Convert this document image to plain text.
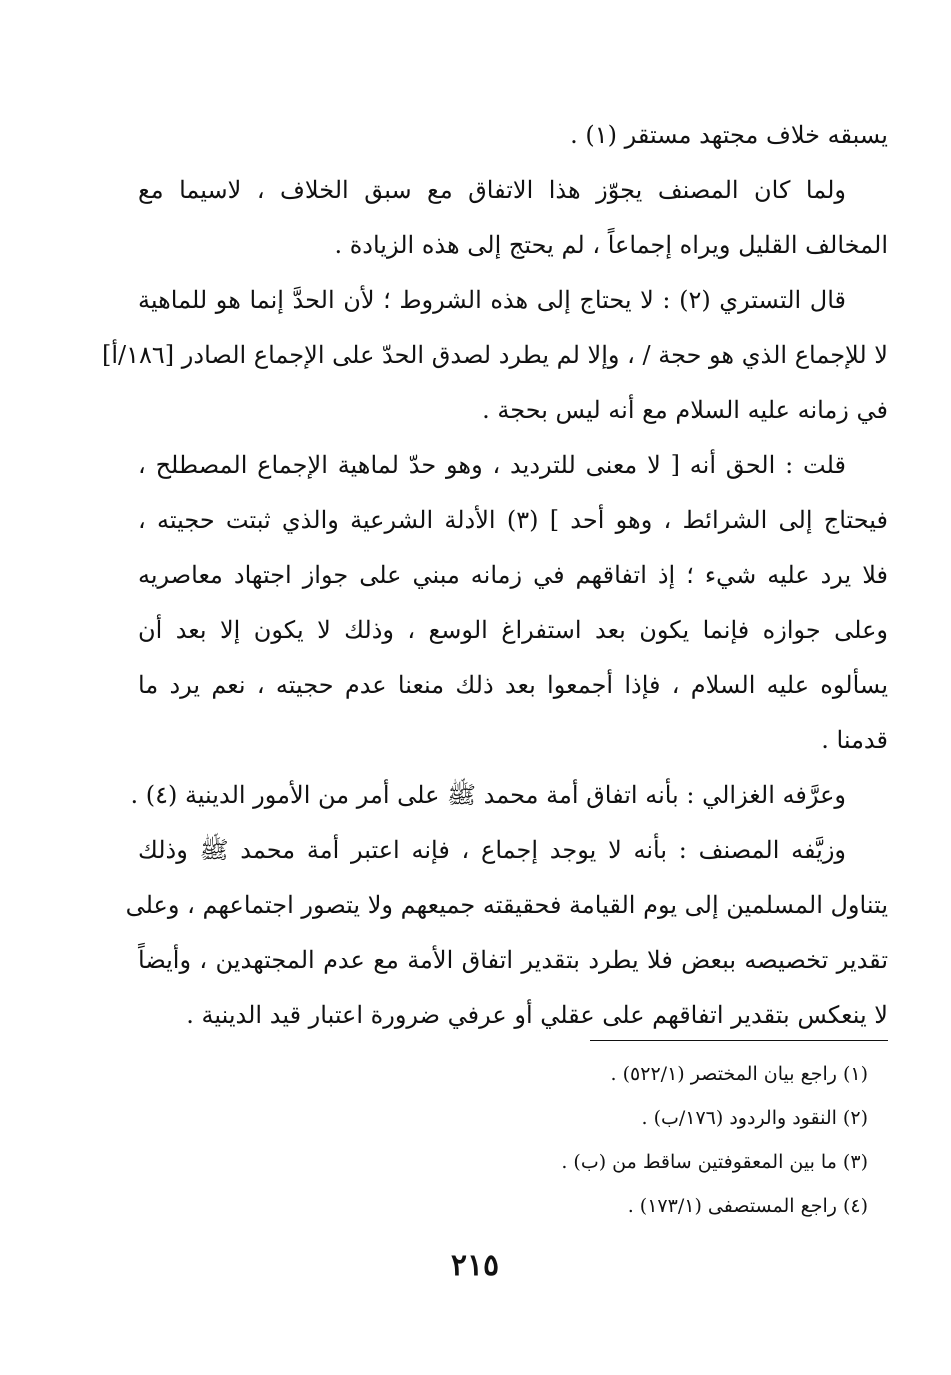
يسبقه خلاف مجتهد مستقر (١) .
ولما كان المصنف يجوّز هذا الاتفاق مع سبق الخلاف ، لاسيما مع
المخالف القليل ويراه إجماعاً ، لم يحتج إلى هذه الزيادة .
قال التستري (٢) : لا يحتاج إلى هذه الشروط ؛ لأن الحدَّ إنما هو للماهية
لا للإجماع الذي هو حجة / ، وإلا لم يطرد لصدق الحدّ على الإجماع الصادر [١٨٦/أ]
في زمانه عليه السلام مع أنه ليس بحجة .
قلت : الحق أنه [ لا معنى للترديد ، وهو حدّ لماهية الإجماع المصطلح ،
فيحتاج إلى الشرائط ، وهو أحد ] (٣) الأدلة الشرعية والذي ثبتت حجيته ،
فلا يرد عليه شيء ؛ إذ اتفاقهم في زمانه مبني على جواز اجتهاد معاصريه
وعلى جوازه فإنما يكون بعد استفراغ الوسع ، وذلك لا يكون إلا بعد أن
يسألوه عليه السلام ، فإذا أجمعوا بعد ذلك منعنا عدم حجيته ، نعم يرد ما
قدمنا .
وعرَّفه الغزالي : بأنه اتفاق أمة محمد ﷺ على أمر من الأمور الدينية (٤) .
وزيَّفه المصنف : بأنه لا يوجد إجماع ، فإنه اعتبر أمة محمد ﷺ وذلك
يتناول المسلمين إلى يوم القيامة فحقيقته جميعهم ولا يتصور اجتماعهم ، وعلى
تقدير تخصيصه ببعض فلا يطرد بتقدير اتفاق الأمة مع عدم المجتهدين ، وأيضاً
لا ينعكس بتقدير اتفاقهم على عقلي أو عرفي ضرورة اعتبار قيد الدينية .
(١) راجع بيان المختصر (٥٢٢/١) .
(٢) النقود والردود (١٧٦/ب) .
(٣) ما بين المعقوفتين ساقط من (ب) .
(٤) راجع المستصفى (١٧٣/١) .
٢١٥
